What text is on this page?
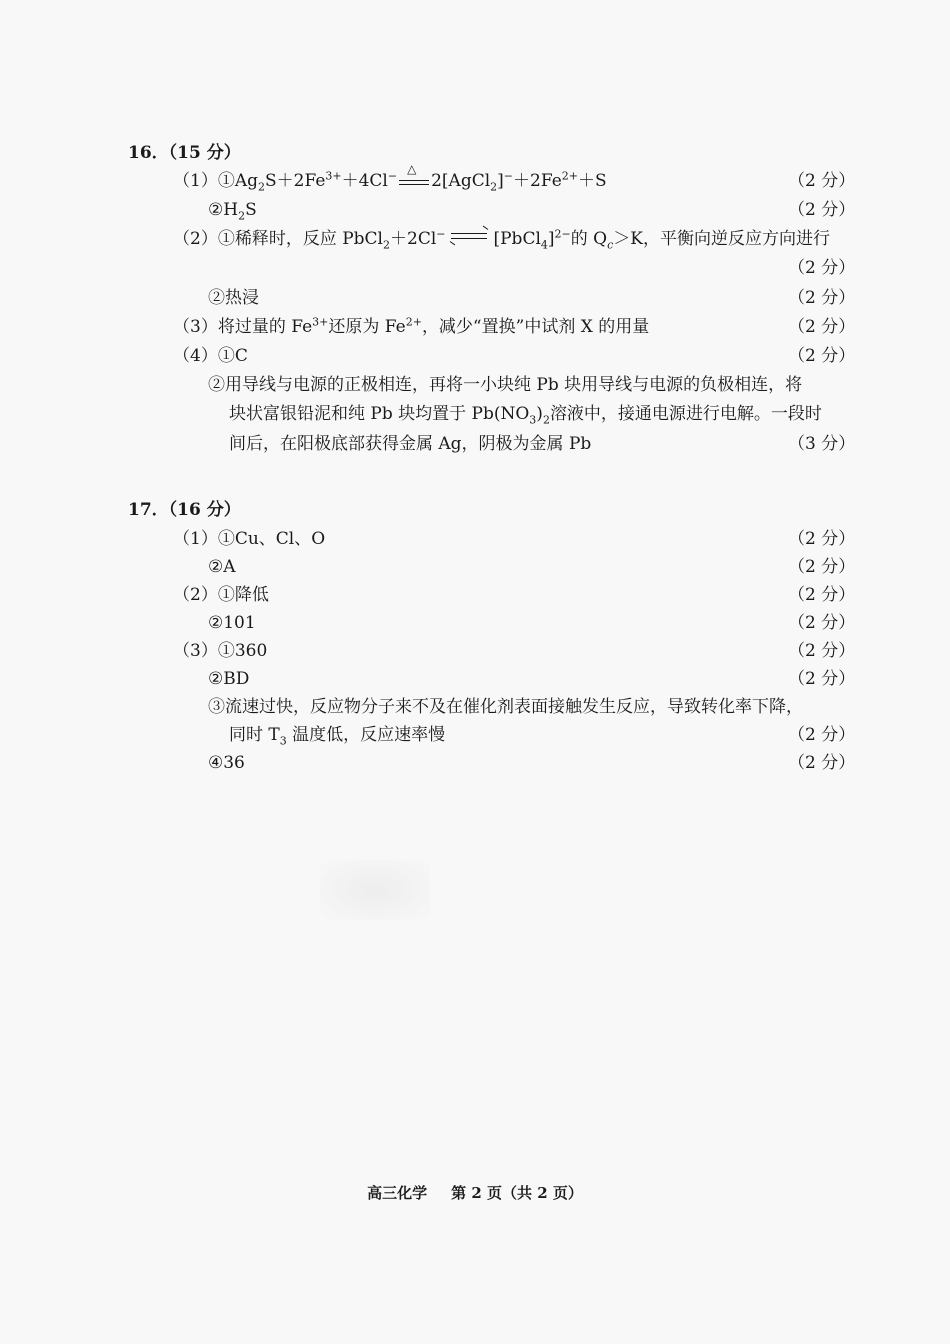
16．（15 分）
$(1)①Ag_2S+2Fe^{3+}+4Cl^-$ △
$2[AgCl_2]^-+2Fe^{2+}+S$	（2 分）
$②H_2S$	（2 分）
（2）①稀释时，反应 PbCl$_2$＋2Cl−	[PbCl$_4$]$^{2-}$的 $Q_c>K$，平衡向逆反应方向进行
（2 分）
②热浸	（2 分）
（3）将过量的 $Fe^{3+}$还原为 $Fe^{2+}$，减少“置换”中试剂 X 的用量	（2 分）
（4）①C	（2 分）
②用导线与电源的正极相连，再将一小块纯 Pb 块用导线与电源的负极相连，将
块状富银铅泥和纯 Pb 块均置于 $Pb(NO_3)_2$溶液中，接通电源进行电解。一段时
间后，在阳极底部获得金属 Ag，阴极为金属 Pb	（3 分）
17．（16 分）
（1）①Cu、Cl、O	（2 分）
②A	（2 分）
（2）①降低	（2 分）
②101	（2 分）
（3）①360	（2 分）
②BD	（2 分）
③流速过快，反应物分子来不及在催化剂表面接触发生反应，导致转化率下降，
同时 $T_3$ 温度低，反应速率慢	（2 分）
④36	（2 分）
高三化学 第 2 页（共 2 页）
